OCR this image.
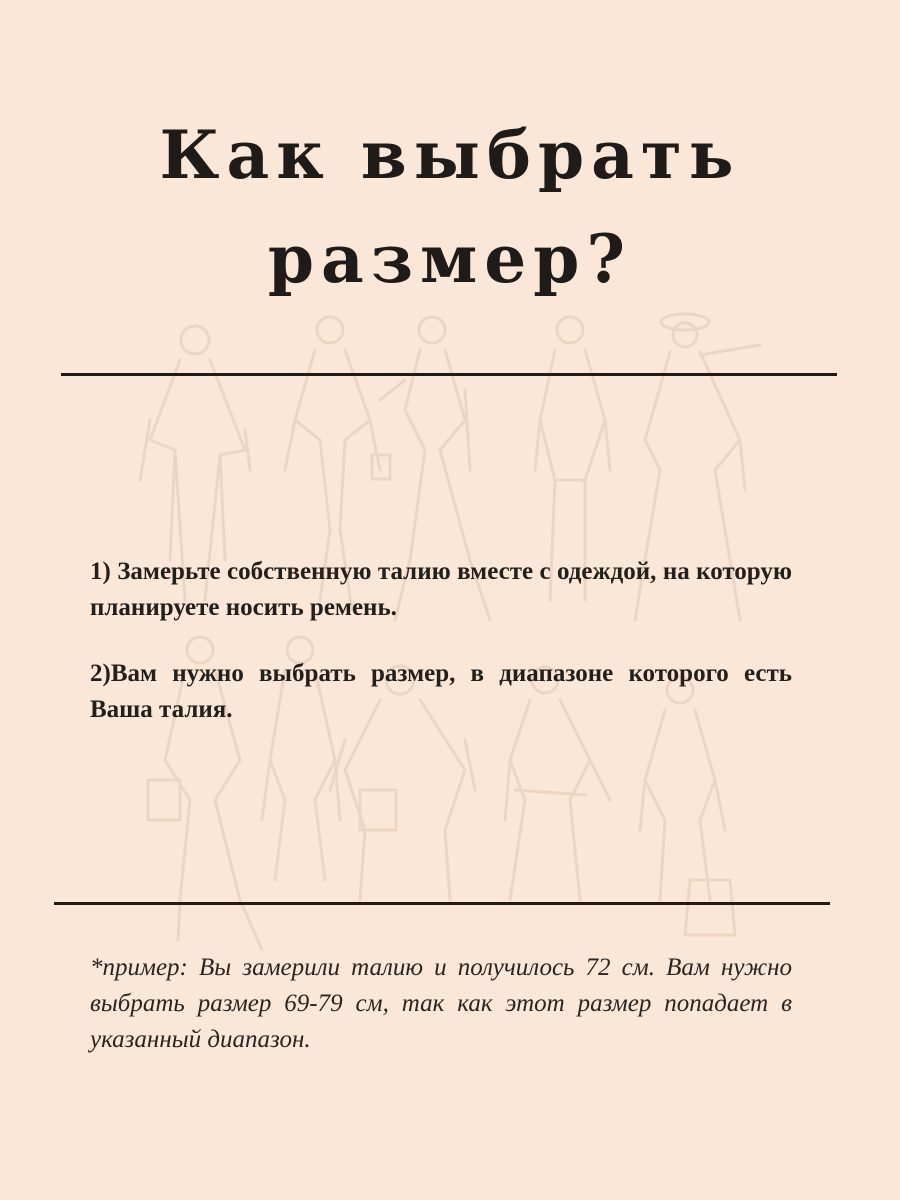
Как выбрать
размер?

1) Замерьте собственную талию вместе с одеждой, на которую планируете носить ремень.

2)Вам нужно выбрать размер, в диапазоне которого есть Ваша талия.

*пример: Вы замерили талию и получилось 72 см. Вам нужно выбрать размер 69-79 см, так как этот размер попадает в указанный диапазон.
